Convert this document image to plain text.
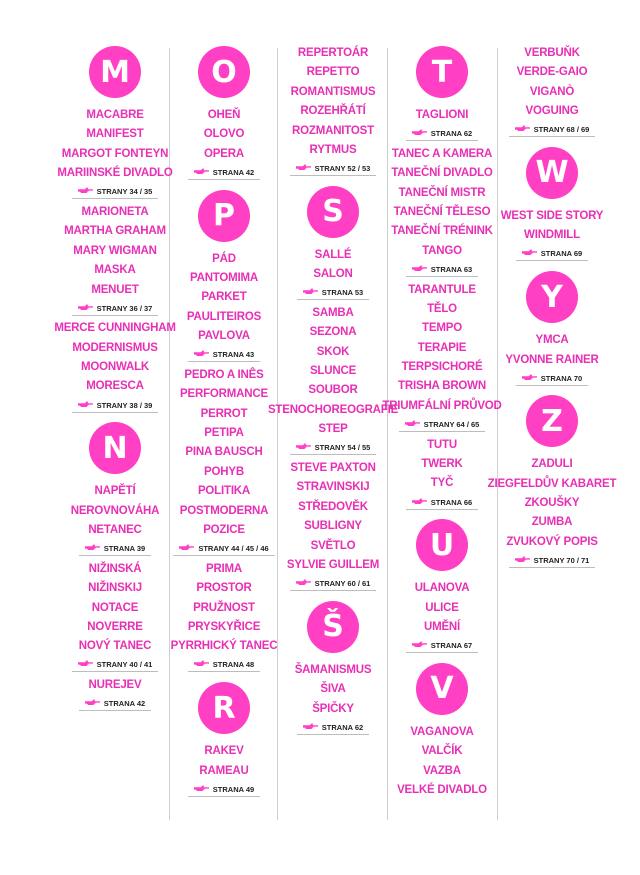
M
MACABRE
MANIFEST
MARGOT FONTEYN
MARIINSKÉ DIVADLO
STRANY 34 / 35
MARIONETA
MARTHA GRAHAM
MARY WIGMAN
MASKA
MENUET
STRANY 36 / 37
MERCE CUNNINGHAM
MODERNISMUS
MOONWALK
MORESCA
STRANY 38 / 39
N
NAPĚTÍ
NEROVNOVÁHA
NETANEC
STRANA 39
NIŽINSKÁ
NIŽINSKIJ
NOTACE
NOVERRE
NOVÝ TANEC
STRANY 40 / 41
NUREJEV
STRANA 42
O
OHEŇ
OLOVO
OPERA
STRANA 42
P
PÁD
PANTOMIMA
PARKET
PAULITEIROS
PAVLOVA
STRANA 43
PEDRO A INÊS
PERFORMANCE
PERROT
PETIPA
PINA BAUSCH
POHYB
POLITIKA
POSTMODERNA
POZICE
STRANY 44 / 45 / 46
PRIMA
PROSTOR
PRUŽNOST
PRYSKYŘICE
PYRRHICKÝ TANEC
STRANA 48
R
RAKEV
RAMEAU
STRANA 49
REPERTOÁR
REPETTO
ROMANTISMUS
ROZEHŘÁTÍ
ROZMANITOST
RYTMUS
STRANY 52 / 53
S
SALLÉ
SALON
STRANA 53
SAMBA
SEZONA
SKOK
SLUNCE
SOUBOR
STENOCHOREOGRAFIE
STEP
STRANY 54 / 55
STEVE PAXTON
STRAVINSKIJ
STŘEDOVĚK
SUBLIGNY
SVĚTLO
SYLVIE GUILLEM
STRANY 60 / 61
Š
ŠAMANISMUS
ŠIVA
ŠPIČKY
STRANA 62
T
TAGLIONI
STRANA 62
TANEC A KAMERA
TANEČNÍ DIVADLO
TANEČNÍ MISTR
TANEČNÍ TĚLESO
TANEČNÍ TRÉNINK
TANGO
STRANA 63
TARANTULE
TĚLO
TEMPO
TERAPIE
TERPSICHORÉ
TRISHA BROWN
TRIUMFÁLNÍ PRŮVOD
STRANY 64 / 65
TUTU
TWERK
TYČ
STRANA 66
U
ULANOVA
ULICE
UMĚNÍ
STRANA 67
V
VAGANOVA
VALČÍK
VAZBA
VELKÉ DIVADLO
VERBUŇK
VERDE-GAIO
VIGANÒ
VOGUING
STRANY 68 / 69
W
WEST SIDE STORY
WINDMILL
STRANA 69
Y
YMCA
YVONNE RAINER
STRANA 70
Z
ZADULI
ZIEGFELDŮV KABARET
ZKOUŠKY
ZUMBA
ZVUKOVÝ POPIS
STRANY 70 / 71
